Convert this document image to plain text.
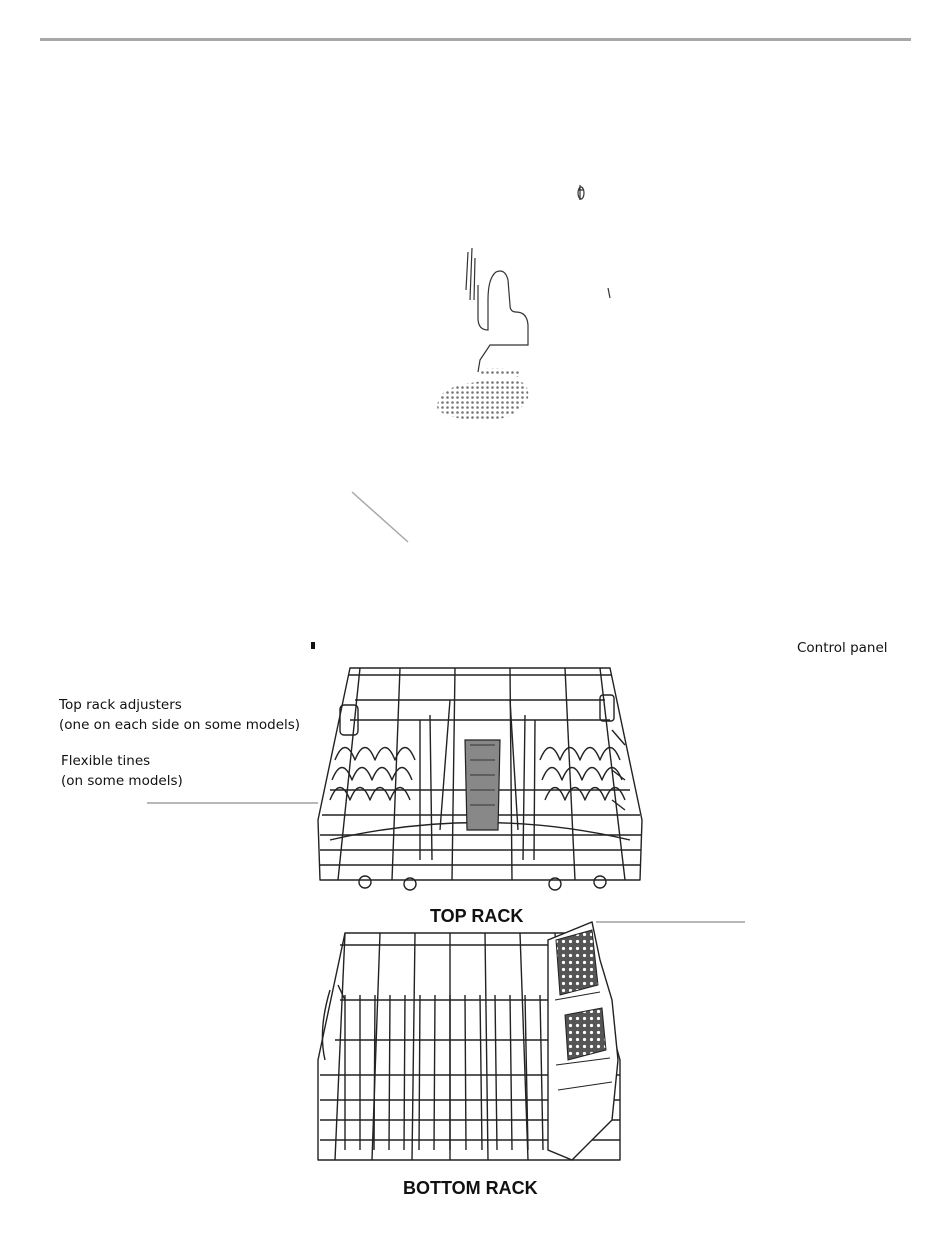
Control panel
Top rack adjusters
(one on each side on some models)
Flexible tines
(on some models)
TOP RACK
BOTTOM RACK
